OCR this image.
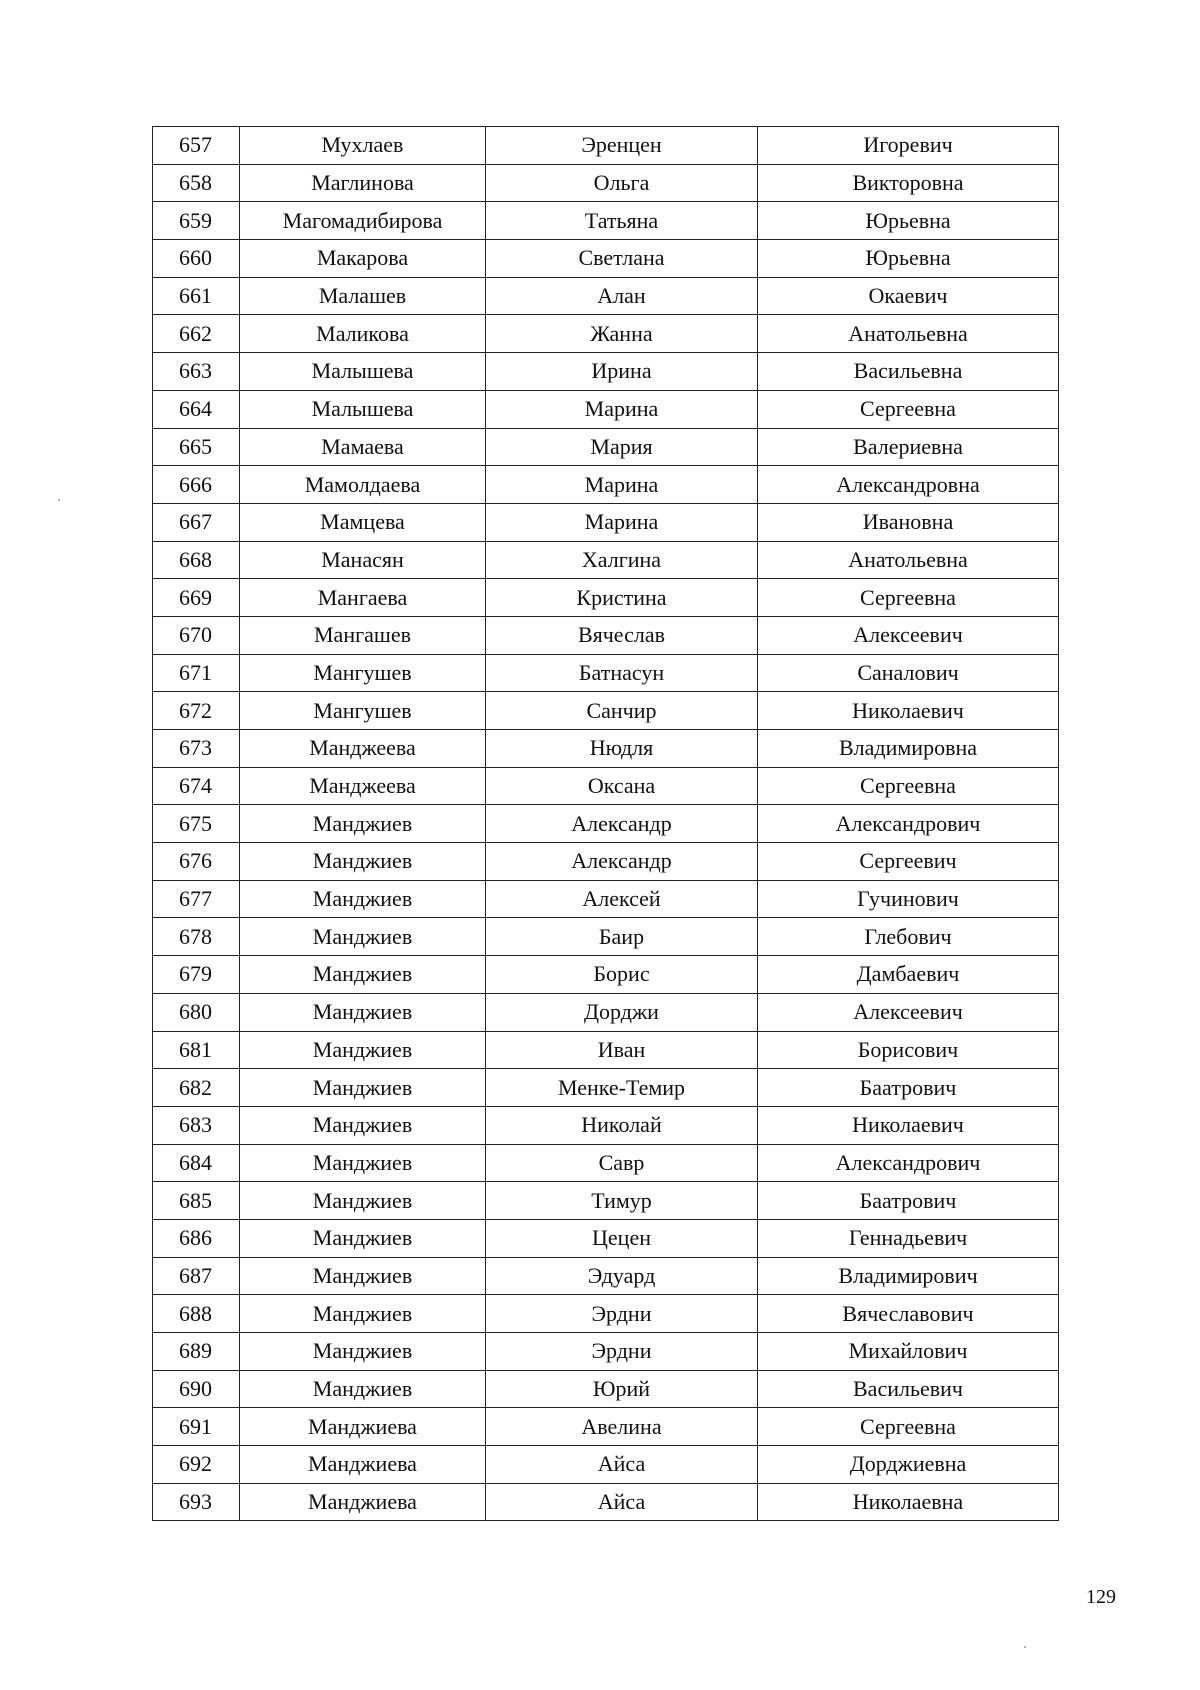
657	Мухлаев	Эренцен	Игоревич
658	Маглинова	Ольга	Викторовна
659	Магомадибирова	Татьяна	Юрьевна
660	Макарова	Светлана	Юрьевна
661	Малашев	Алан	Окаевич
662	Маликова	Жанна	Анатольевна
663	Малышева	Ирина	Васильевна
664	Малышева	Марина	Сергеевна
665	Мамаева	Мария	Валериевна
666	Мамолдаева	Марина	Александровна
667	Мамцева	Марина	Ивановна
668	Манасян	Халгина	Анатольевна
669	Мангаева	Кристина	Сергеевна
670	Мангашев	Вячеслав	Алексеевич
671	Мангушев	Батнасун	Саналович
672	Мангушев	Санчир	Николаевич
673	Манджеева	Нюдля	Владимировна
674	Манджеева	Оксана	Сергеевна
675	Манджиев	Александр	Александрович
676	Манджиев	Александр	Сергеевич
677	Манджиев	Алексей	Гучинович
678	Манджиев	Баир	Глебович
679	Манджиев	Борис	Дамбаевич
680	Манджиев	Дорджи	Алексеевич
681	Манджиев	Иван	Борисович
682	Манджиев	Менке-Темир	Баатрович
683	Манджиев	Николай	Николаевич
684	Манджиев	Савр	Александрович
685	Манджиев	Тимур	Баатрович
686	Манджиев	Цецен	Геннадьевич
687	Манджиев	Эдуард	Владимирович
688	Манджиев	Эрдни	Вячеславович
689	Манджиев	Эрдни	Михайлович
690	Манджиев	Юрий	Васильевич
691	Манджиева	Авелина	Сергеевна
692	Манджиева	Айса	Дорджиевна
693	Манджиева	Айса	Николаевна
129
